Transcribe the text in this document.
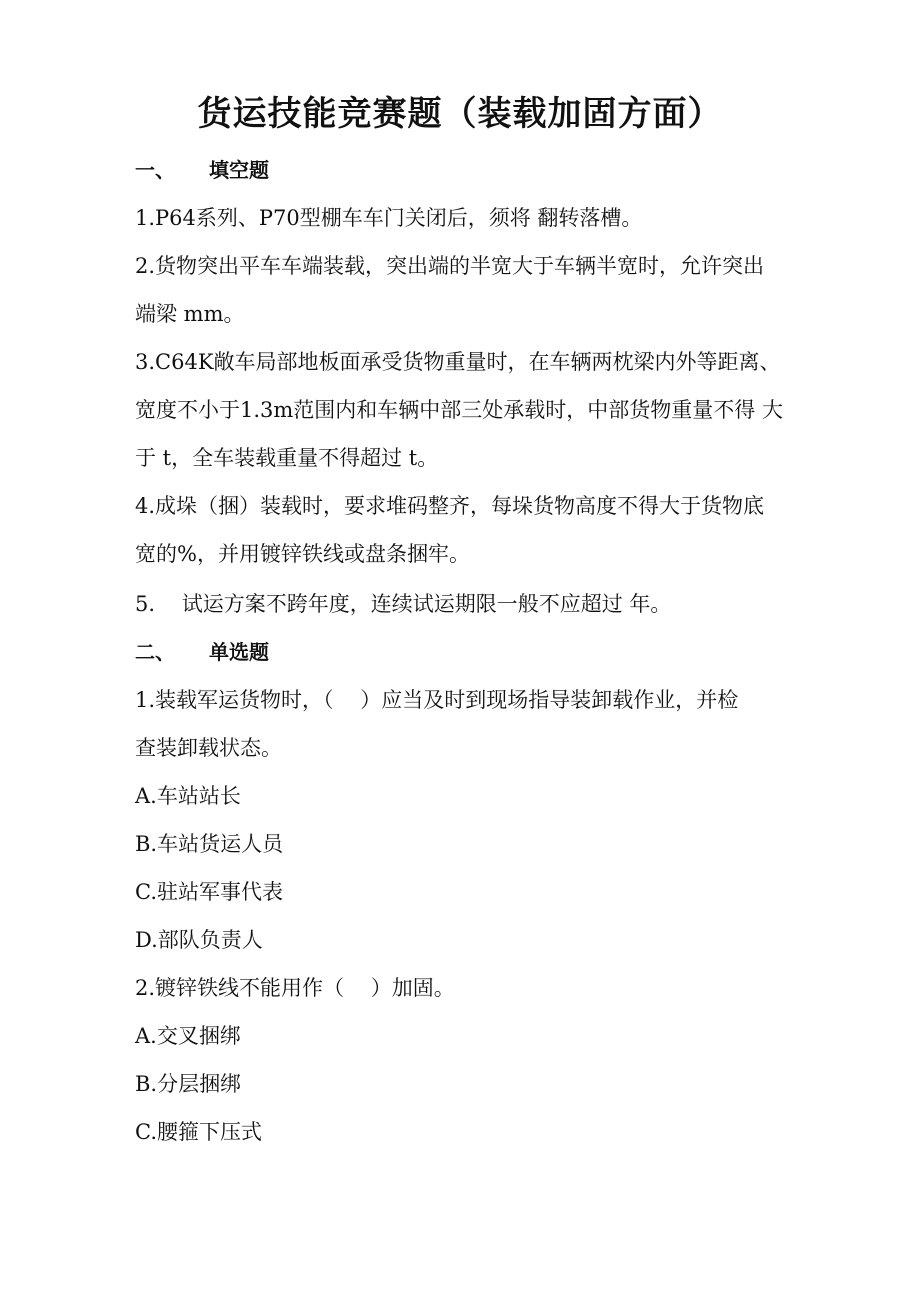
货运技能竞赛题（装载加固方面）
一、 填空题
1.P64系列、P70型棚车车门关闭后，须将 翻转落槽。
2.货物突出平车车端装载，突出端的半宽大于车辆半宽时，允许突出
端梁 mm。
3.C64K敞车局部地板面承受货物重量时，在车辆两枕梁内外等距离、
宽度不小于1.3m范围内和车辆中部三处承载时，中部货物重量不得 大
于 t，全车装载重量不得超过 t。
4.成垛（捆）装载时，要求堆码整齐，每垛货物高度不得大于货物底
宽的%，并用镀锌铁线或盘条捆牢。
5.    试运方案不跨年度，连续试运期限一般不应超过 年。
二、 单选题
1.装载军运货物时，（    ）应当及时到现场指导装卸载作业，并检
查装卸载状态。
A.车站站长
B.车站货运人员
C.驻站军事代表
D.部队负责人
2.镀锌铁线不能用作（    ）加固。
A.交叉捆绑
B.分层捆绑
C.腰箍下压式
